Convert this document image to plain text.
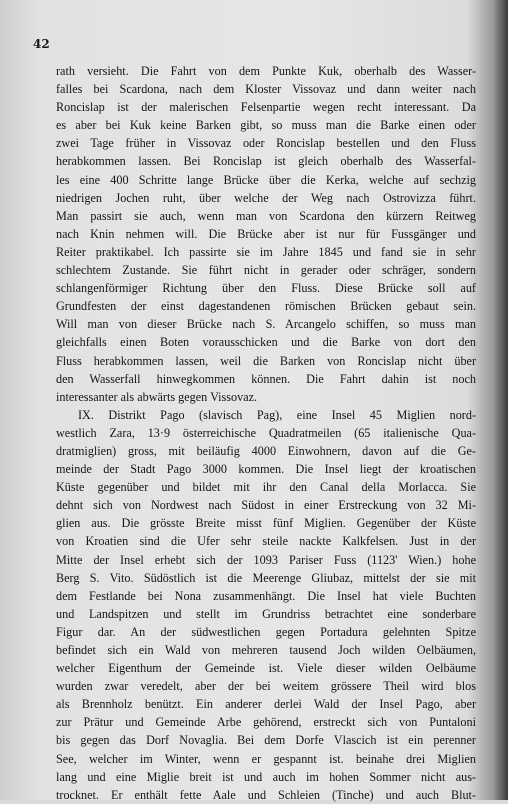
42
rath versieht. Die Fahrt von dem Punkte Kuk, oberhalb des Wasser-
falles bei Scardona, nach dem Kloster Vissovaz und dann weiter nach
Roncislap ist der malerischen Felsenpartie wegen recht interessant. Da
es aber bei Kuk keine Barken gibt, so muss man die Barke einen oder
zwei Tage früher in Vissovaz oder Roncislap bestellen und den Fluss
herabkommen lassen. Bei Roncislap ist gleich oberhalb des Wasserfal-
les eine 400 Schritte lange Brücke über die Kerka, welche auf sechzig
niedrigen Jochen ruht, über welche der Weg nach Ostrovizza führt.
Man passirt sie auch, wenn man von Scardona den kürzern Reitweg
nach Knin nehmen will. Die Brücke aber ist nur für Fussgänger und
Reiter praktikabel. Ich passirte sie im Jahre 1845 und fand sie in sehr
schlechtem Zustande. Sie führt nicht in gerader oder schräger, sondern
schlangenförmiger Richtung über den Fluss. Diese Brücke soll auf
Grundfesten der einst dagestandenen römischen Brücken gebaut sein.
Will man von dieser Brücke nach S. Arcangelo schiffen, so muss man
gleichfalls einen Boten vorausschicken und die Barke von dort den
Fluss herabkommen lassen, weil die Barken von Roncislap nicht über
den Wasserfall hinwegkommen können. Die Fahrt dahin ist noch
interessanter als abwärts gegen Vissovaz.
IX. Distrikt Pago (slavisch Pag), eine Insel 45 Miglien nord-
westlich Zara, 13·9 österreichische Quadratmeilen (65 italienische Qua-
dratmiglien) gross, mit beiläufig 4000 Einwohnern, davon auf die Ge-
meinde der Stadt Pago 3000 kommen. Die Insel liegt der kroatischen
Küste gegenüber und bildet mit ihr den Canal della Morlacca. Sie
dehnt sich von Nordwest nach Südost in einer Erstreckung von 32 Mi-
glien aus. Die grösste Breite misst fünf Miglien. Gegenüber der Küste
von Kroatien sind die Ufer sehr steile nackte Kalkfelsen. Just in der
Mitte der Insel erhebt sich der 1093 Pariser Fuss (1123' Wien.) hohe
Berg S. Vito. Südöstlich ist die Meerenge Gliubaz, mittelst der sie mit
dem Festlande bei Nona zusammenhängt. Die Insel hat viele Buchten
und Landspitzen und stellt im Grundriss betrachtet eine sonderbare
Figur dar. An der südwestlichen gegen Portadura gelehnten Spitze
befindet sich ein Wald von mehreren tausend Joch wilden Oelbäumen,
welcher Eigenthum der Gemeinde ist. Viele dieser wilden Oelbäume
wurden zwar veredelt, aber der bei weitem grössere Theil wird blos
als Brennholz benützt. Ein anderer derlei Wald der Insel Pago, aber
zur Prätur und Gemeinde Arbe gehörend, erstreckt sich von Puntaloni
bis gegen das Dorf Novaglia. Bei dem Dorfe Vlascich ist ein perenner
See, welcher im Winter, wenn er gespannt ist. beinahe drei Miglien
lang und eine Miglie breit ist und auch im hohen Sommer nicht aus-
trocknet. Er enthält fette Aale und Schleien (Tinche) und auch Blut-
